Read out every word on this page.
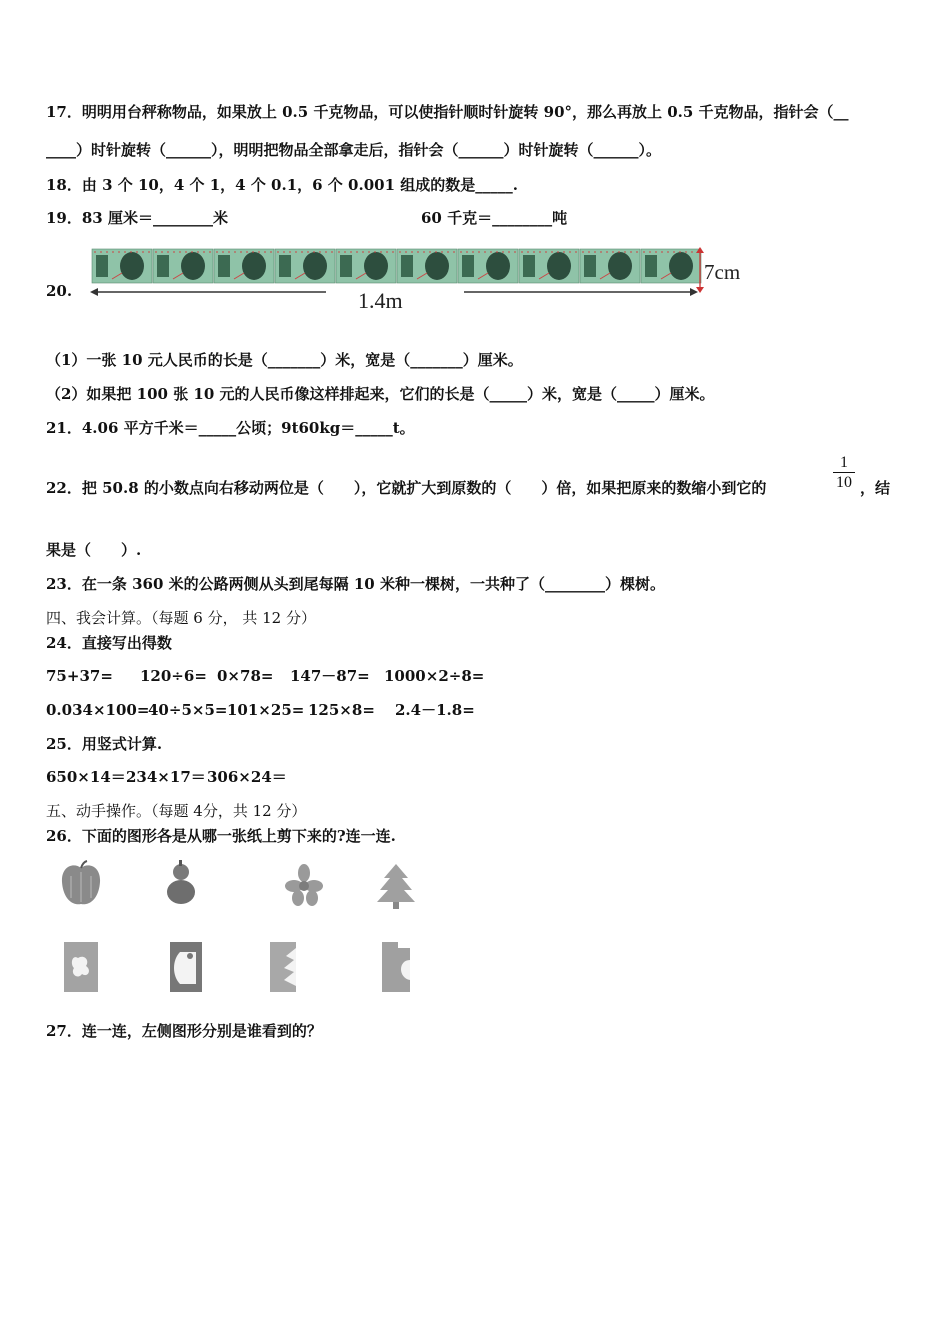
17．明明用台秤称物品，如果放上 0.5 千克物品，可以使指针顺时针旋转 90°，那么再放上 0.5 千克物品，指针会（__
____）时针旋转（______），明明把物品全部拿走后，指针会（______）时针旋转（______）。
18．由 3 个 10，4 个 1，4 个 0.1，6 个 0.001 组成的数是_____.
19．83 厘米＝________米	60 千克＝________吨
20.
7cm
1.4m
（1）一张 10 元人民币的长是（_______）米，宽是（_______）厘米。
（2）如果把 100 张 10 元的人民币像这样排起来，它们的长是（_____）米，宽是（_____）厘米。
21．4.06 平方千米＝_____公顷；9t60kg＝_____t。
22．把 50.8 的小数点向右移动两位是（　　），它就扩大到原数的（　　）倍，如果把原来的数缩小到它的	$\frac{1}{10}$ ，结
果是（　　）.
23．在一条 360 米的公路两侧从头到尾每隔 10 米种一棵树，一共种了（________）棵树。
四、我会计算。（每题 6 分， 共 12 分）
24．直接写出得数
75+37= 120÷6= 0×78= 147－87= 1000×2÷8=
0.034×100=
40÷5×5= 101×25= 125×8= 2.4－1.8=
25．用竖式计算.
650×14＝ 234×17＝ 306×24＝
五、动手操作。（每题 4分，共 12 分）
26．下面的图形各是从哪一张纸上剪下来的?连一连.
27．连一连，左侧图形分别是谁看到的？
